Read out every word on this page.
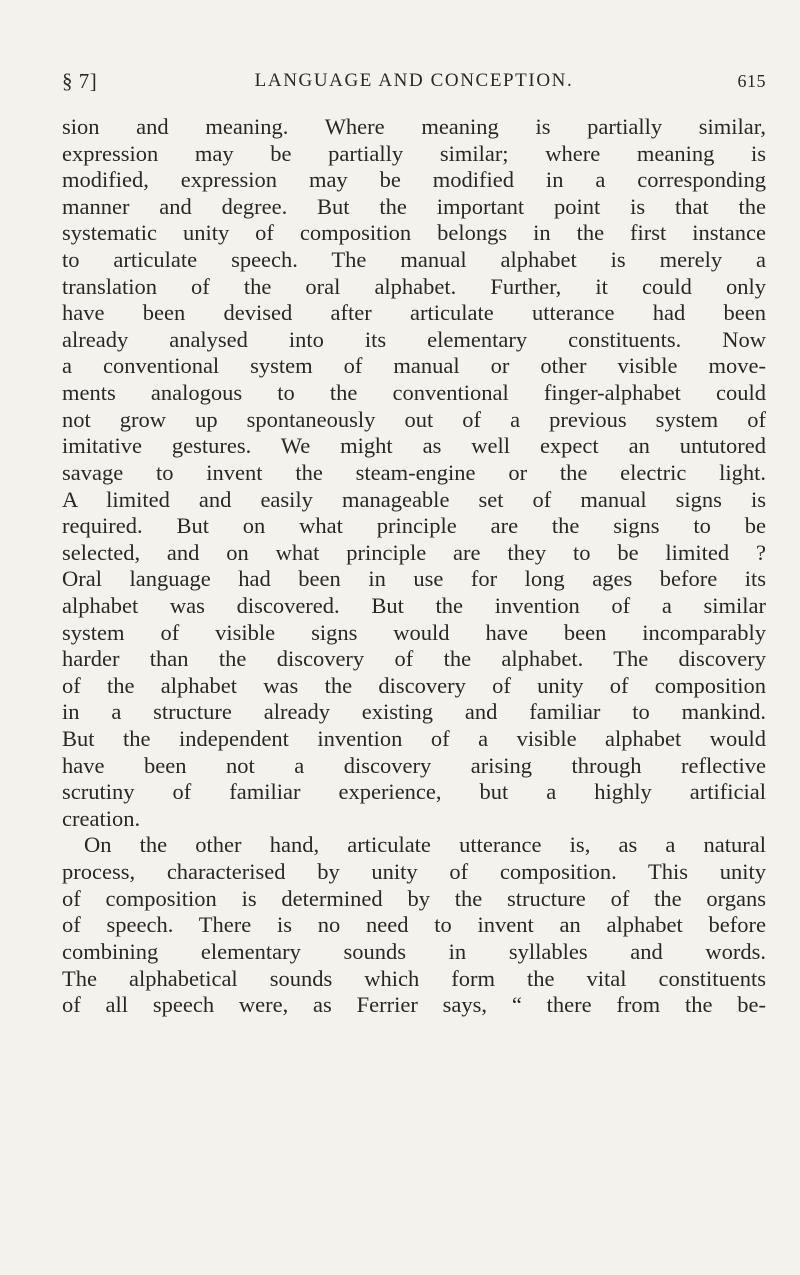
§ 7]	LANGUAGE AND CONCEPTION.	615
sion and meaning. Where meaning is partially similar,
expression may be partially similar; where meaning is
modified, expression may be modified in a corresponding
manner and degree. But the important point is that the
systematic unity of composition belongs in the first instance
to articulate speech. The manual alphabet is merely a
translation of the oral alphabet. Further, it could only
have been devised after articulate utterance had been
already analysed into its elementary constituents. Now
a conventional system of manual or other visible move-
ments analogous to the conventional finger-alphabet could
not grow up spontaneously out of a previous system of
imitative gestures. We might as well expect an untutored
savage to invent the steam-engine or the electric light.
A limited and easily manageable set of manual signs is
required. But on what principle are the signs to be
selected, and on what principle are they to be limited ?
Oral language had been in use for long ages before its
alphabet was discovered. But the invention of a similar
system of visible signs would have been incomparably
harder than the discovery of the alphabet. The discovery
of the alphabet was the discovery of unity of composition
in a structure already existing and familiar to mankind.
But the independent invention of a visible alphabet would
have been not a discovery arising through reflective
scrutiny of familiar experience, but a highly artificial
creation.
On the other hand, articulate utterance is, as a natural
process, characterised by unity of composition. This unity
of composition is determined by the structure of the organs
of speech. There is no need to invent an alphabet before
combining elementary sounds in syllables and words.
The alphabetical sounds which form the vital constituents
of all speech were, as Ferrier says, “ there from the be-
